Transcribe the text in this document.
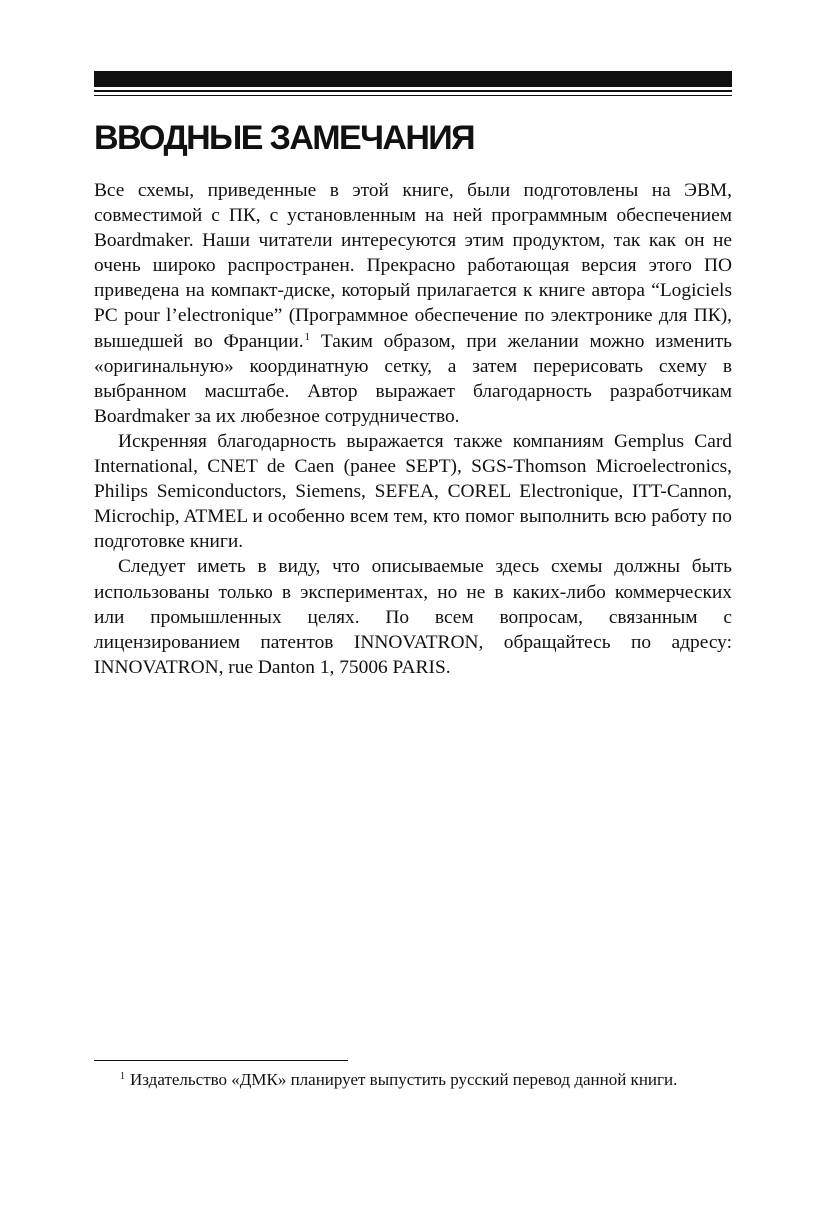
ВВОДНЫЕ ЗАМЕЧАНИЯ

Все схемы, приведенные в этой книге, были подготовлены на ЭВМ, совместимой с ПК, с установленным на ней программным обеспечением Boardmaker. Наши читатели интересуются этим продуктом, так как он не очень широко распространен. Прекрасно работающая версия этого ПО приведена на компакт-диске, который прилагается к книге автора “Logiciels PC pour l’electronique” (Программное обеспечение по электронике для ПК), вышедшей во Франции.$^1$ Таким образом, при желании можно изменить «оригинальную» координатную сетку, а затем перерисовать схему в выбранном масштабе. Автор выражает благодарность разработчикам Boardmaker за их любезное сотрудничество.

Искренняя благодарность выражается также компаниям Gemplus Card International, CNET de Caen (ранее SEPT), SGS-Thomson Microelectronics, Philips Semiconductors, Siemens, SEFEA, COREL Electronique, ITT-Cannon, Microchip, ATMEL и особенно всем тем, кто помог выполнить всю работу по подготовке книги.

Следует иметь в виду, что описываемые здесь схемы должны быть использованы только в экспериментах, но не в каких-либо коммерческих или промышленных целях. По всем вопросам, связанным с лицензированием патентов INNOVATRON, обращайтесь по адресу: INNOVATRON, rue Danton 1, 75006 PARIS.

$^1$ Издательство «ДМК» планирует выпустить русский перевод данной книги.
